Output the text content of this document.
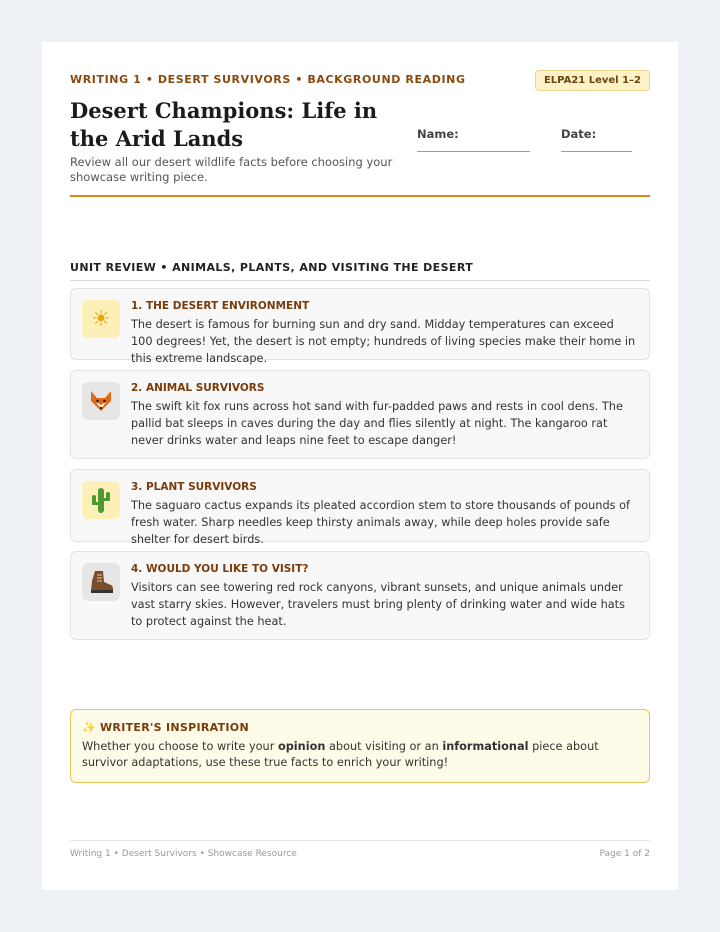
WRITING 1 • DESERT SURVIVORS • BACKGROUND READING	ELPA21 Level 1–2
Desert Champions: Life in the Arid Lands
Review all our desert wildlife facts before choosing your showcase writing piece.
Name:	Date:
UNIT REVIEW • ANIMALS, PLANTS, AND VISITING THE DESERT
☀
1. THE DESERT ENVIRONMENT
The desert is famous for burning sun and dry sand. Midday temperatures can exceed 100 degrees! Yet, the desert is not empty; hundreds of living species make their home in this extreme landscape.
2. ANIMAL SURVIVORS
The swift kit fox runs across hot sand with fur-padded paws and rests in cool dens. The pallid bat sleeps in caves during the day and flies silently at night. The kangaroo rat never drinks water and leaps nine feet to escape danger!
3. PLANT SURVIVORS
The saguaro cactus expands its pleated accordion stem to store thousands of pounds of fresh water. Sharp needles keep thirsty animals away, while deep holes provide safe shelter for desert birds.
4. WOULD YOU LIKE TO VISIT?
Visitors can see towering red rock canyons, vibrant sunsets, and unique animals under vast starry skies. However, travelers must bring plenty of drinking water and wide hats to protect against the heat.
✨ WRITER'S INSPIRATION
Whether you choose to write your opinion about visiting or an informational piece about survivor adaptations, use these true facts to enrich your writing!
Writing 1 • Desert Survivors • Showcase Resource	Page 1 of 2
